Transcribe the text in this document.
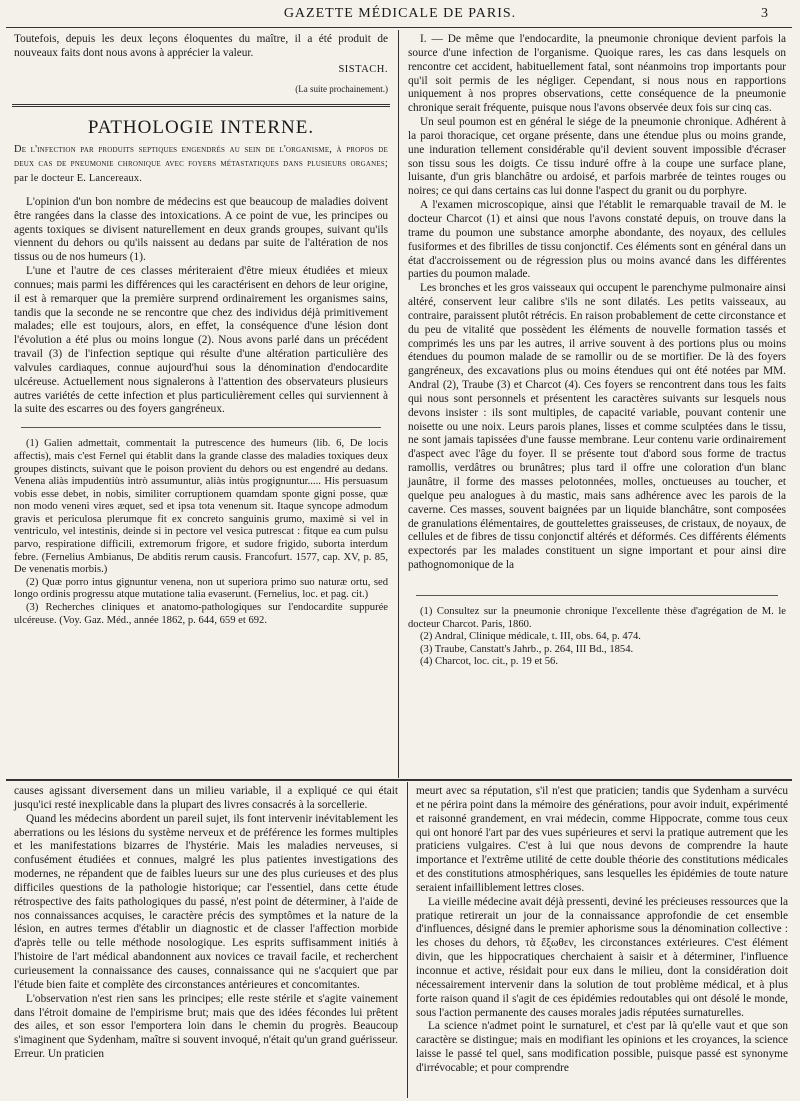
GAZETTE MÉDICALE DE PARIS.	3

Toutefois, depuis les deux leçons éloquentes du maître, il a été produit de nouveaux faits dont nous avons à apprécier la valeur.

SISTACH.
(La suite prochainement.)
PATHOLOGIE INTERNE.

De l'infection par produits septiques engendrés au sein de l'organisme, à propos de deux cas de pneumonie chronique avec foyers métastatiques dans plusieurs organes; par le docteur E. Lancereaux.

L'opinion d'un bon nombre de médecins est que beaucoup de maladies doivent être rangées dans la classe des intoxications. A ce point de vue, les principes ou agents toxiques se divisent naturellement en deux grands groupes, suivant qu'ils viennent du dehors ou qu'ils naissent au dedans par suite de l'altération de nos tissus ou de nos humeurs (1).

L'une et l'autre de ces classes mériteraient d'être mieux étudiées et mieux connues; mais parmi les différences qui les caractérisent en dehors de leur origine, il est à remarquer que la première surprend ordinairement les organismes sains, tandis que la seconde ne se rencontre que chez des individus déjà primitivement malades; elle est toujours, alors, en effet, la conséquence d'une lésion dont l'évolution a été plus ou moins longue (2). Nous avons parlé dans un précédent travail (3) de l'infection septique qui résulte d'une altération particulière des valvules cardiaques, connue aujourd'hui sous la dénomination d'endocardite ulcéreuse. Actuellement nous signalerons à l'attention des observateurs plusieurs autres variétés de cette infection et plus particulièrement celles qui surviennent à la suite des escarres ou des foyers gangréneux.

(1) Galien admettait, commentait la putrescence des humeurs (lib. 6, De locis affectis), mais c'est Fernel qui établit dans la grande classe des maladies toxiques deux groupes distincts, suivant que le poison provient du dehors ou est engendré au dedans. Venena aliàs impudentiùs intrò assumuntur, aliàs intùs progignuntur..... His persuasum vobis esse debet, in nobis, similiter corruptionem quamdam sponte gigni posse, quæ non modo veneni vires æquet, sed et ipsa tota venenum sit. Itaque syncope admodum gravis et periculosa plerumque fit ex concreto sanguinis grumo, maximè si vel in ventriculo, vel intestinis, deinde si in pectore vel vesica putrescat : fitque ea cum pulsu parvo, respiratione difficili, extremorum frigore, et sudore frigido, suborta interdum febre. (Fernelius Ambianus, De abditis rerum causis. Francofurt. 1577, cap. XV, p. 85, De venenatis morbis.)

(2) Quæ porro intus gignuntur venena, non ut superiora primo suo naturæ ortu, sed longo ordinis progressu atque mutatione talia evaserunt. (Fernelius, loc. et pag. cit.)

(3) Recherches cliniques et anatomo-pathologiques sur l'endocardite suppurée ulcéreuse. (Voy. Gaz. Méd., année 1862, p. 644, 659 et 692.

I. — De même que l'endocardite, la pneumonie chronique devient parfois la source d'une infection de l'organisme. Quoique rares, les cas dans lesquels on rencontre cet accident, habituellement fatal, sont néanmoins trop importants pour qu'il soit permis de les négliger. Cependant, si nous nous en rapportions uniquement à nos propres observations, cette conséquence de la pneumonie chronique serait fréquente, puisque nous l'avons observée deux fois sur cinq cas.

Un seul poumon est en général le siége de la pneumonie chronique. Adhérent à la paroi thoracique, cet organe présente, dans une étendue plus ou moins grande, une induration tellement considérable qu'il devient souvent impossible d'écraser son tissu sous les doigts. Ce tissu induré offre à la coupe une surface plane, luisante, d'un gris blanchâtre ou ardoisé, et parfois marbrée de teintes rouges ou noires; ce qui dans certains cas lui donne l'aspect du granit ou du porphyre.

A l'examen microscopique, ainsi que l'établit le remarquable travail de M. le docteur Charcot (1) et ainsi que nous l'avons constaté depuis, on trouve dans la trame du poumon une substance amorphe abondante, des noyaux, des cellules fusiformes et des fibrilles de tissu conjonctif. Ces éléments sont en général dans un état d'accroissement ou de régression plus ou moins avancé dans les différentes parties du poumon malade.

Les bronches et les gros vaisseaux qui occupent le parenchyme pulmonaire ainsi altéré, conservent leur calibre s'ils ne sont dilatés. Les petits vaisseaux, au contraire, paraissent plutôt rétrécis. En raison probablement de cette circonstance et du peu de vitalité que possèdent les éléments de nouvelle formation tassés et comprimés les uns par les autres, il arrive souvent à des portions plus ou moins étendues du poumon malade de se ramollir ou de se mortifier. De là des foyers gangréneux, des excavations plus ou moins étendues qui ont été notées par MM. Andral (2), Traube (3) et Charcot (4). Ces foyers se rencontrent dans tous les faits qui nous sont personnels et présentent les caractères suivants sur lesquels nous devons insister : ils sont multiples, de capacité variable, pouvant contenir une noisette ou une noix. Leurs parois planes, lisses et comme sculptées dans le tissu, ne sont jamais tapissées d'une fausse membrane. Leur contenu varie ordinairement d'aspect avec l'âge du foyer. Il se présente tout d'abord sous forme de tractus ramollis, verdâtres ou brunâtres; plus tard il offre une coloration d'un blanc jaunâtre, il forme des masses pelotonnées, molles, onctueuses au toucher, et quelque peu analogues à du mastic, mais sans adhérence avec les parois de la caverne. Ces masses, souvent baignées par un liquide blanchâtre, sont composées de granulations élémentaires, de gouttelettes graisseuses, de cristaux, de noyaux, de cellules et de fibres de tissu conjonctif altérés et déformés. Ces différents éléments expectorés par les malades constituent un signe important et pour ainsi dire pathognomonique de la

(1) Consultez sur la pneumonie chronique l'excellente thèse d'agrégation de M. le docteur Charcot. Paris, 1860.

(2) Andral, Clinique médicale, t. III, obs. 64, p. 474.

(3) Traube, Canstatt's Jahrb., p. 264, III Bd., 1854.

(4) Charcot, loc. cit., p. 19 et 56.

causes agissant diversement dans un milieu variable, il a expliqué ce qui était jusqu'ici resté inexplicable dans la plupart des livres consacrés à la sorcellerie.

Quand les médecins abordent un pareil sujet, ils font intervenir inévitablement les aberrations ou les lésions du système nerveux et de préférence les formes multiples et les manifestations bizarres de l'hystérie. Mais les maladies nerveuses, si confusément étudiées et connues, malgré les plus patientes investigations des modernes, ne répandent que de faibles lueurs sur une des plus curieuses et des plus difficiles questions de la pathologie historique; car l'essentiel, dans cette étude rétrospective des faits pathologiques du passé, n'est point de déterminer, à l'aide de nos connaissances acquises, le caractère précis des symptômes et la nature de la lésion, en autres termes d'établir un diagnostic et de classer l'affection morbide d'après telle ou telle méthode nosologique. Les esprits suffisamment initiés à l'histoire de l'art médical abandonnent aux novices ce travail facile, et recherchent curieusement la connaissance des causes, connaissance qui ne s'acquiert que par l'étude bien faite et complète des circonstances antérieures et concomitantes.

L'observation n'est rien sans les principes; elle reste stérile et s'agite vainement dans l'étroit domaine de l'empirisme brut; mais que des idées fécondes lui prêtent des ailes, et son essor l'emportera loin dans le chemin du progrès. Beaucoup s'imaginent que Sydenham, maître si souvent invoqué, n'était qu'un grand guérisseur. Erreur. Un praticien

meurt avec sa réputation, s'il n'est que praticien; tandis que Sydenham a survécu et ne périra point dans la mémoire des générations, pour avoir induit, expérimenté et raisonné grandement, en vrai médecin, comme Hippocrate, comme tous ceux qui ont honoré l'art par des vues supérieures et servi la pratique autrement que les praticiens vulgaires. C'est à lui que nous devons de comprendre la haute importance et l'extrême utilité de cette double théorie des constitutions médicales et des constitutions atmosphériques, sans lesquelles les épidémies de toute nature seraient infailliblement lettres closes.

La vieille médecine avait déjà pressenti, deviné les précieuses ressources que la pratique retirerait un jour de la connaissance approfondie de cet ensemble d'influences, désigné dans le premier aphorisme sous la dénomination collective : les choses du dehors, τὰ ἔξωθεν, les circonstances extérieures. C'est élément divin, que les hippocratiques cherchaient à saisir et à déterminer, l'influence inconnue et active, résidait pour eux dans le milieu, dont la considération doit nécessairement intervenir dans la solution de tout problème médical, et à plus forte raison quand il s'agit de ces épidémies redoutables qui ont désolé le monde, sous l'action permanente des causes morales jadis réputées surnaturelles.

La science n'admet point le surnaturel, et c'est par là qu'elle vaut et que son caractère se distingue; mais en modifiant les opinions et les croyances, la science laisse le passé tel quel, sans modification possible, puisque passé est synonyme d'irrévocable; et pour comprendre
